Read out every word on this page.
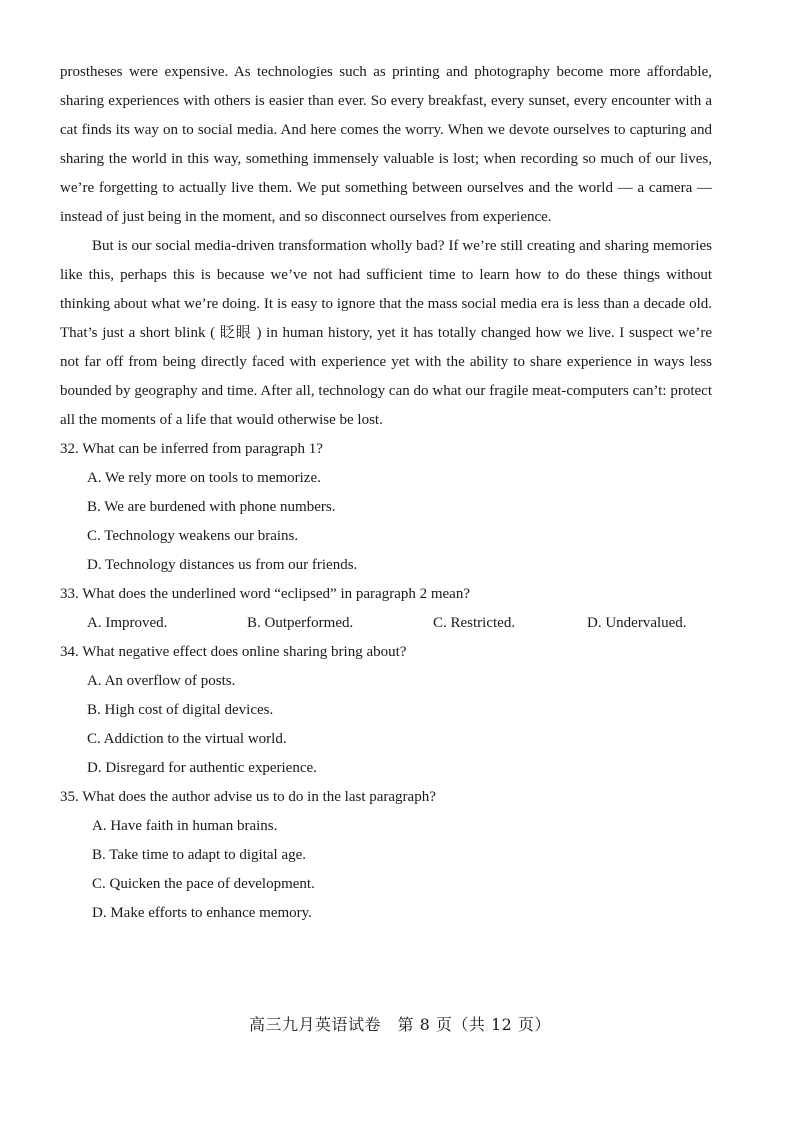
prostheses were expensive. As technologies such as printing and photography become more affordable, sharing experiences with others is easier than ever. So every breakfast, every sunset, every encounter with a cat finds its way on to social media. And here comes the worry. When we devote ourselves to capturing and sharing the world in this way, something immensely valuable is lost; when recording so much of our lives, we’re forgetting to actually live them. We put something between ourselves and the world — a camera — instead of just being in the moment, and so disconnect ourselves from experience.

But is our social media-driven transformation wholly bad? If we’re still creating and sharing memories like this, perhaps this is because we’ve not had sufficient time to learn how to do these things without thinking about what we’re doing. It is easy to ignore that the mass social media era is less than a decade old. That’s just a short blink ( 眨眼 ) in human history, yet it has totally changed how we live. I suspect we’re not far off from being directly faced with experience yet with the ability to share experience in ways less bounded by geography and time. After all, technology can do what our fragile meat-computers can’t: protect all the moments of a life that would otherwise be lost.

32. What can be inferred from paragraph 1?

A. We rely more on tools to memorize.
B. We are burdened with phone numbers.
C. Technology weakens our brains.
D. Technology distances us from our friends.

33. What does the underlined word “eclipsed” in paragraph 2 mean?

A. Improved.	B. Outperformed.	C. Restricted.	D. Undervalued.

34. What negative effect does online sharing bring about?

A. An overflow of posts.
B. High cost of digital devices.
C. Addiction to the virtual world.
D. Disregard for authentic experience.

35. What does the author advise us to do in the last paragraph?

A. Have faith in human brains.
B. Take time to adapt to digital age.
C. Quicken the pace of development.
D. Make efforts to enhance memory.
高三九月英语试卷　第 8 页（共 12 页）
